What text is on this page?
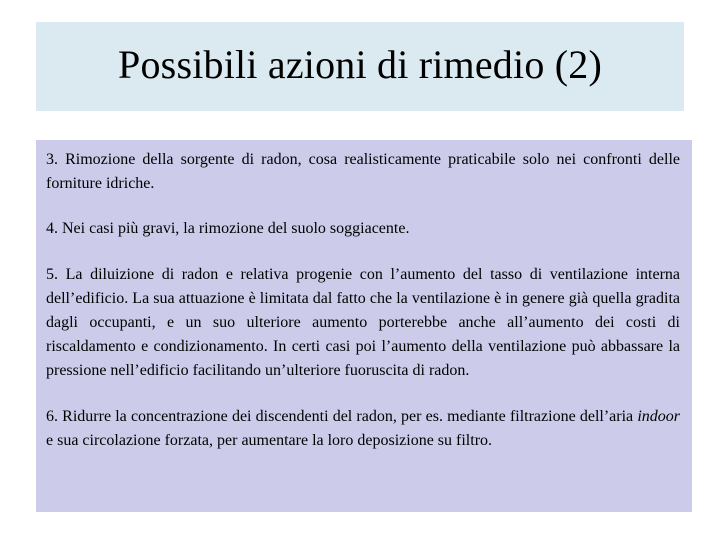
Possibili azioni di rimedio (2)

3. Rimozione della sorgente di radon, cosa realisticamente praticabile solo nei confronti delle forniture idriche.

4. Nei casi più gravi, la rimozione del suolo soggiacente.

5. La diluizione di radon e relativa progenie con l’aumento del tasso di ventilazione interna dell’edificio. La sua attuazione è limitata dal fatto che la ventilazione è in genere già quella gradita dagli occupanti, e un suo ulteriore aumento porterebbe anche all’aumento dei costi di riscaldamento e condizionamento. In certi casi poi l’aumento della ventilazione può abbassare la pressione nell’edificio facilitando un’ulteriore fuoruscita di radon.

6. Ridurre la concentrazione dei discendenti del radon, per es. mediante filtrazione dell’aria indoor e sua circolazione forzata, per aumentare la loro deposizione su filtro.
